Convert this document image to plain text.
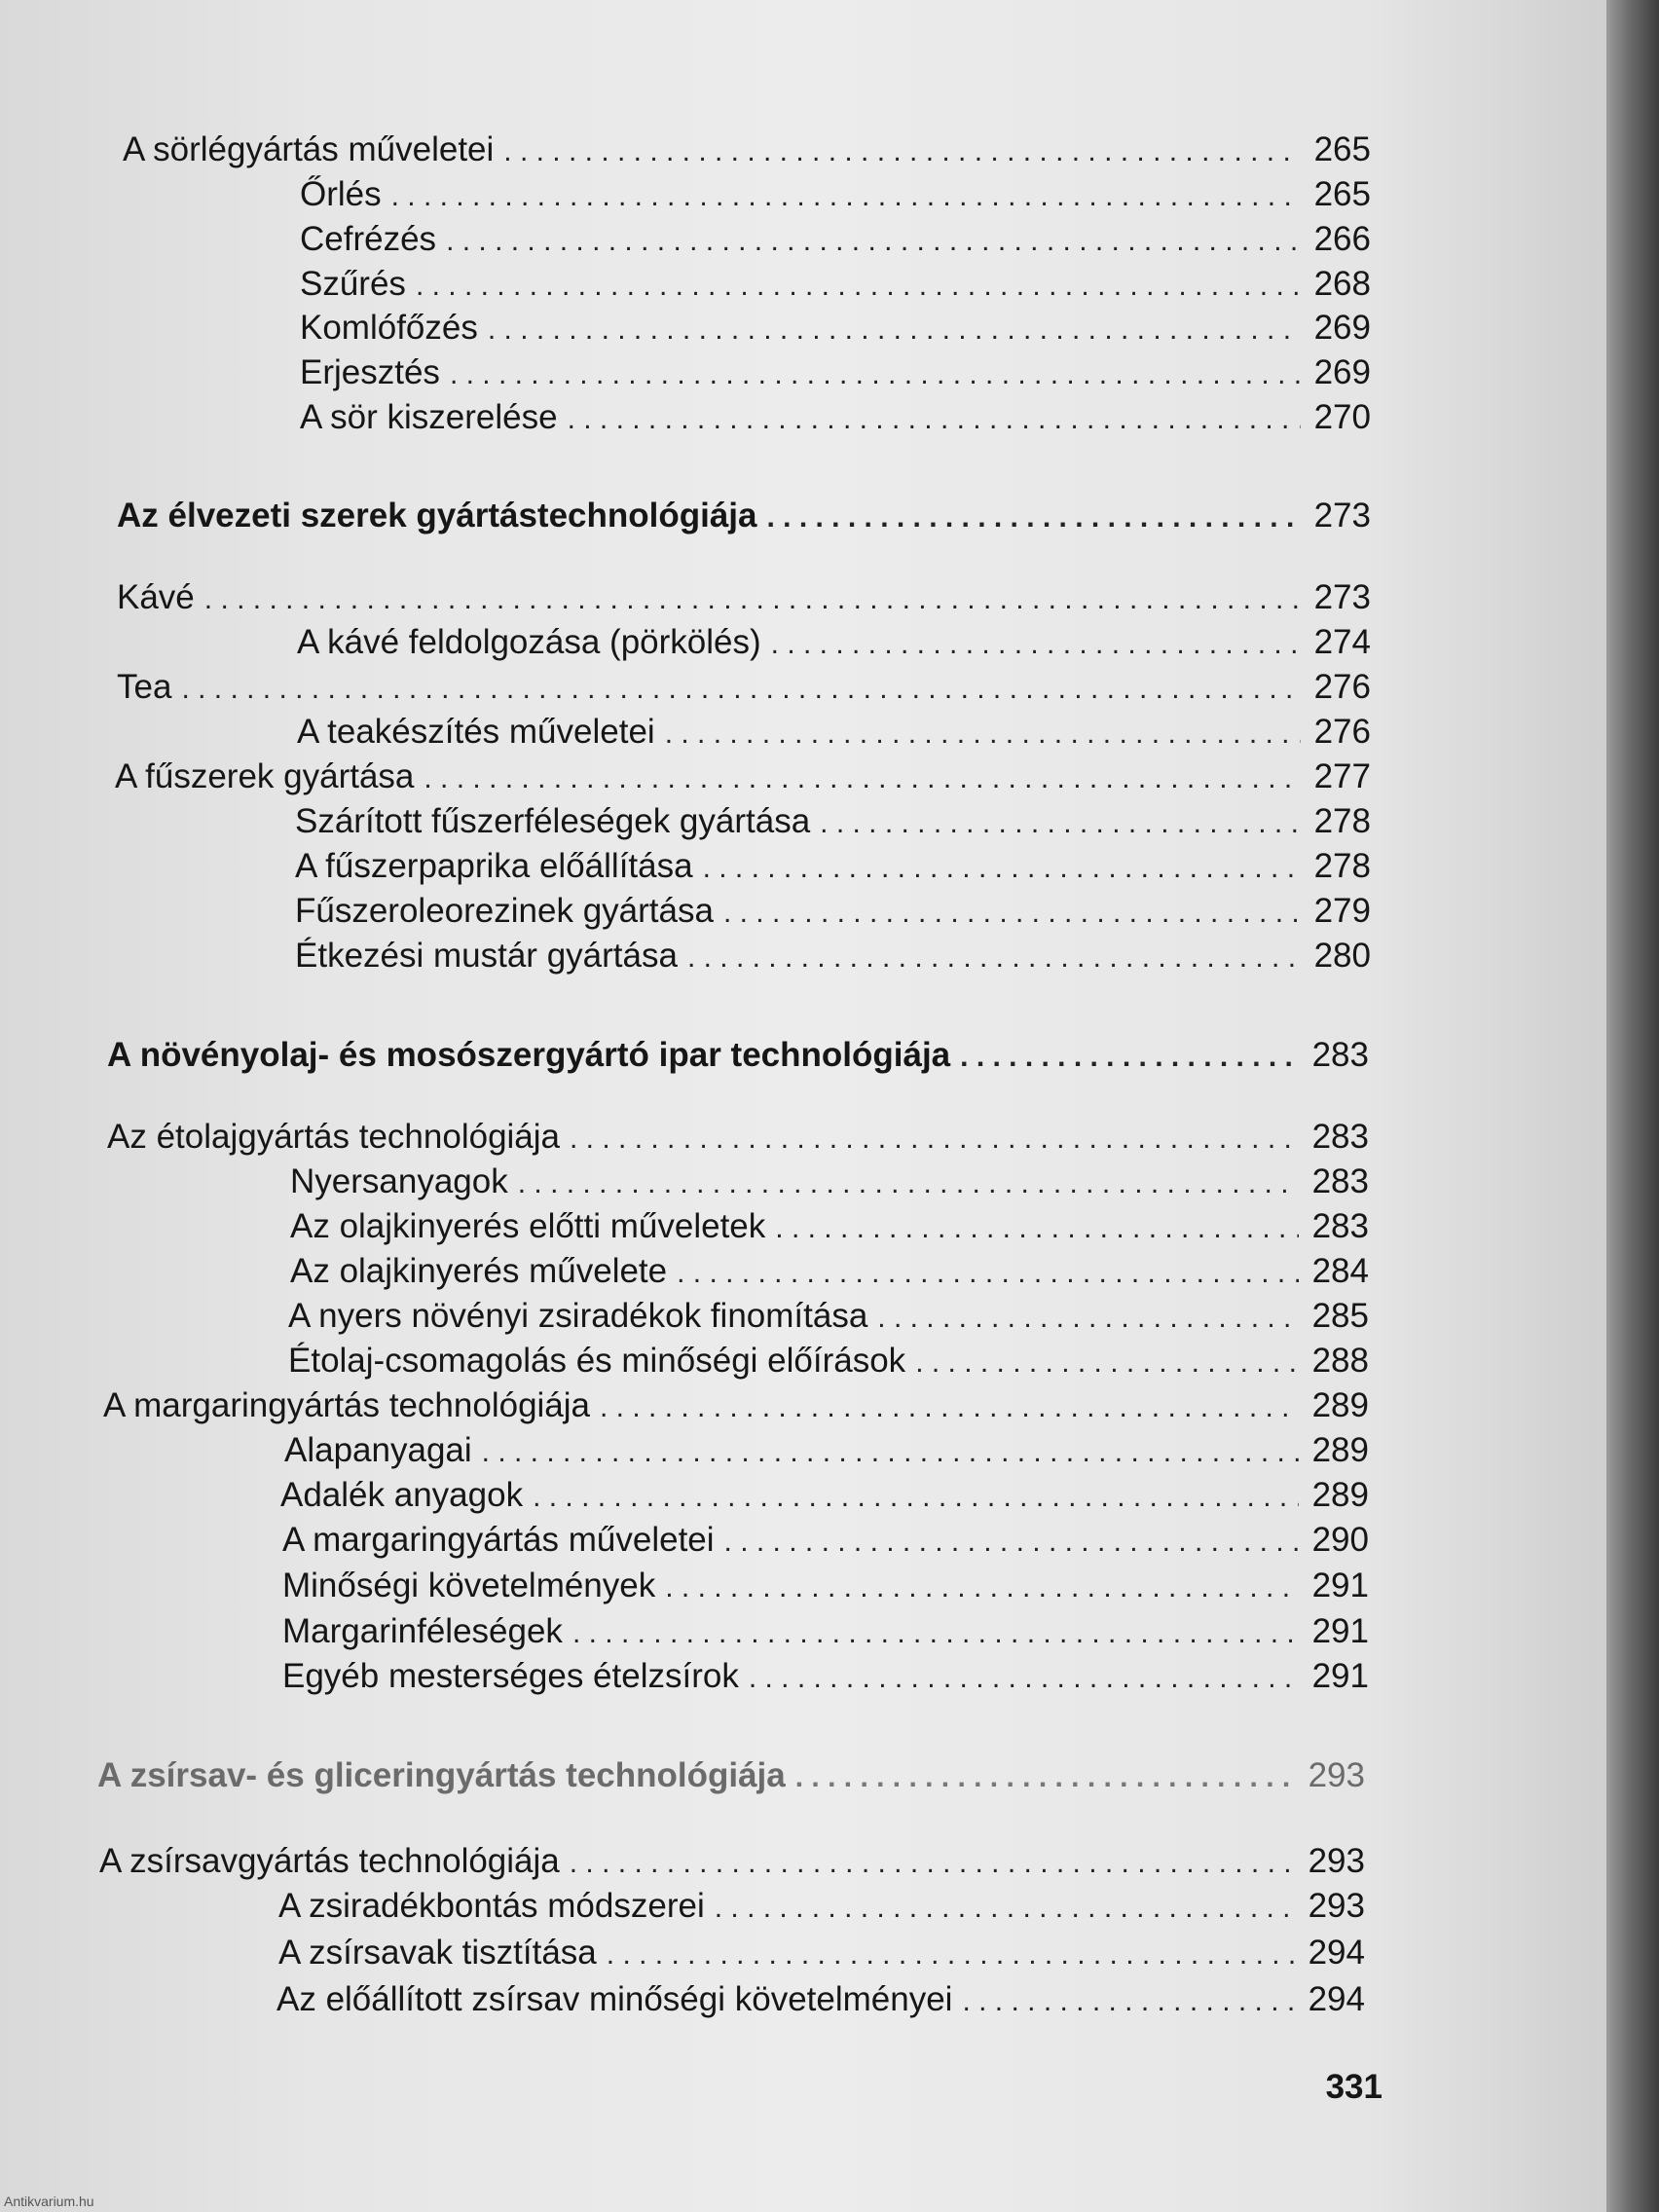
A sörlégyártás műveletei . . .	265
Őrlés . . .	265
Cefrézés . . .	266
Szűrés . . .	268
Komlófőzés . . .	269
Erjesztés . . .	269
A sör kiszerelése . . .	270
Az élvezeti szerek gyártástechnológiája . . .	273
Kávé . . .	273
A kávé feldolgozása (pörkölés) . . .	274
Tea . . .	276
A teakészítés műveletei . . .	276
A fűszerek gyártása . . .	277
Szárított fűszerféleségek gyártása . . .	278
A fűszerpaprika előállítása . . .	278
Fűszeroleorezinek gyártása . . .	279
Étkezési mustár gyártása . . .	280
A növényolaj- és mosószergyártó ipar technológiája . . .	283
Az étolajgyártás technológiája . . .	283
Nyersanyagok . . .	283
Az olajkinyerés előtti műveletek . . .	283
Az olajkinyerés művelete . . .	284
A nyers növényi zsiradékok finomítása . . .	285
Étolaj-csomagolás és minőségi előírások . . .	288
A margaringyártás technológiája . . .	289
Alapanyagai . . .	289
Adalék anyagok . . .	289
A margaringyártás műveletei . . .	290
Minőségi követelmények . . .	291
Margarinféleségek . . .	291
Egyéb mesterséges ételzsírok . . .	291
A zsírsav- és gliceringyártás technológiája . . .	293
A zsírsavgyártás technológiája . . .	293
A zsiradékbontás módszerei . . .	293
A zsírsavak tisztítása . . .	294
Az előállított zsírsav minőségi követelményei . . .	294
331
Antikvarium.hu
